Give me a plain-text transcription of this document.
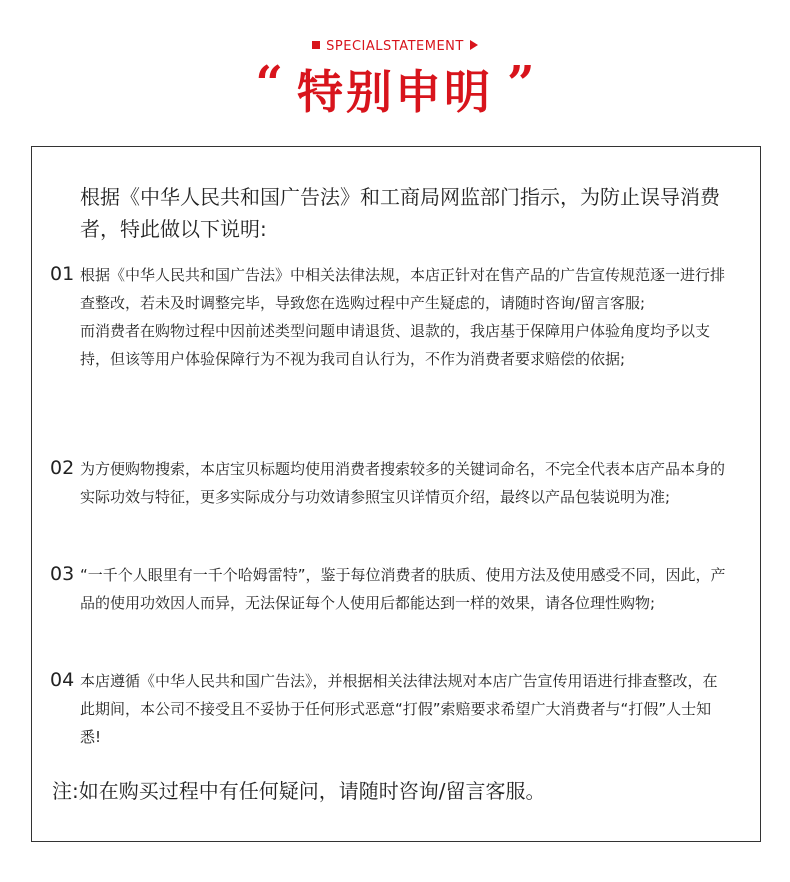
SPECIALSTATEMENT
“ 特别申明 ”
根据《中华人民共和国广告法》和工商局网监部门指示，为防止误导消费者，特此做以下说明:
01 根据《中华人民共和国广告法》中相关法律法规，本店正针对在售产品的广告宣传规范逐一进行排查整改，若未及时调整完毕，导致您在选购过程中产生疑虑的，请随时咨询/留言客服;

而消费者在购物过程中因前述类型问题申请退货、退款的，我店基于保障用户体验角度均予以支持，但该等用户体验保障行为不视为我司自认行为，不作为消费者要求赔偿的依据;

02 为方便购物搜索，本店宝贝标题均使用消费者搜索较多的关键词命名，不完全代表本店产品本身的实际功效与特征，更多实际成分与功效请参照宝贝详情页介绍，最终以产品包装说明为准;

03 “一千个人眼里有一千个哈姆雷特”，鉴于每位消费者的肤质、使用方法及使用感受不同，因此，产品的使用功效因人而异，无法保证每个人使用后都能达到一样的效果，请各位理性购物;

04 本店遵循《中华人民共和国广告法》，并根据相关法律法规对本店广告宣传用语进行排查整改，在此期间，本公司不接受且不妥协于任何形式恶意“打假”索赔要求希望广大消费者与“打假”人士知悉!

注:如在购买过程中有任何疑问，请随时咨询/留言客服。
